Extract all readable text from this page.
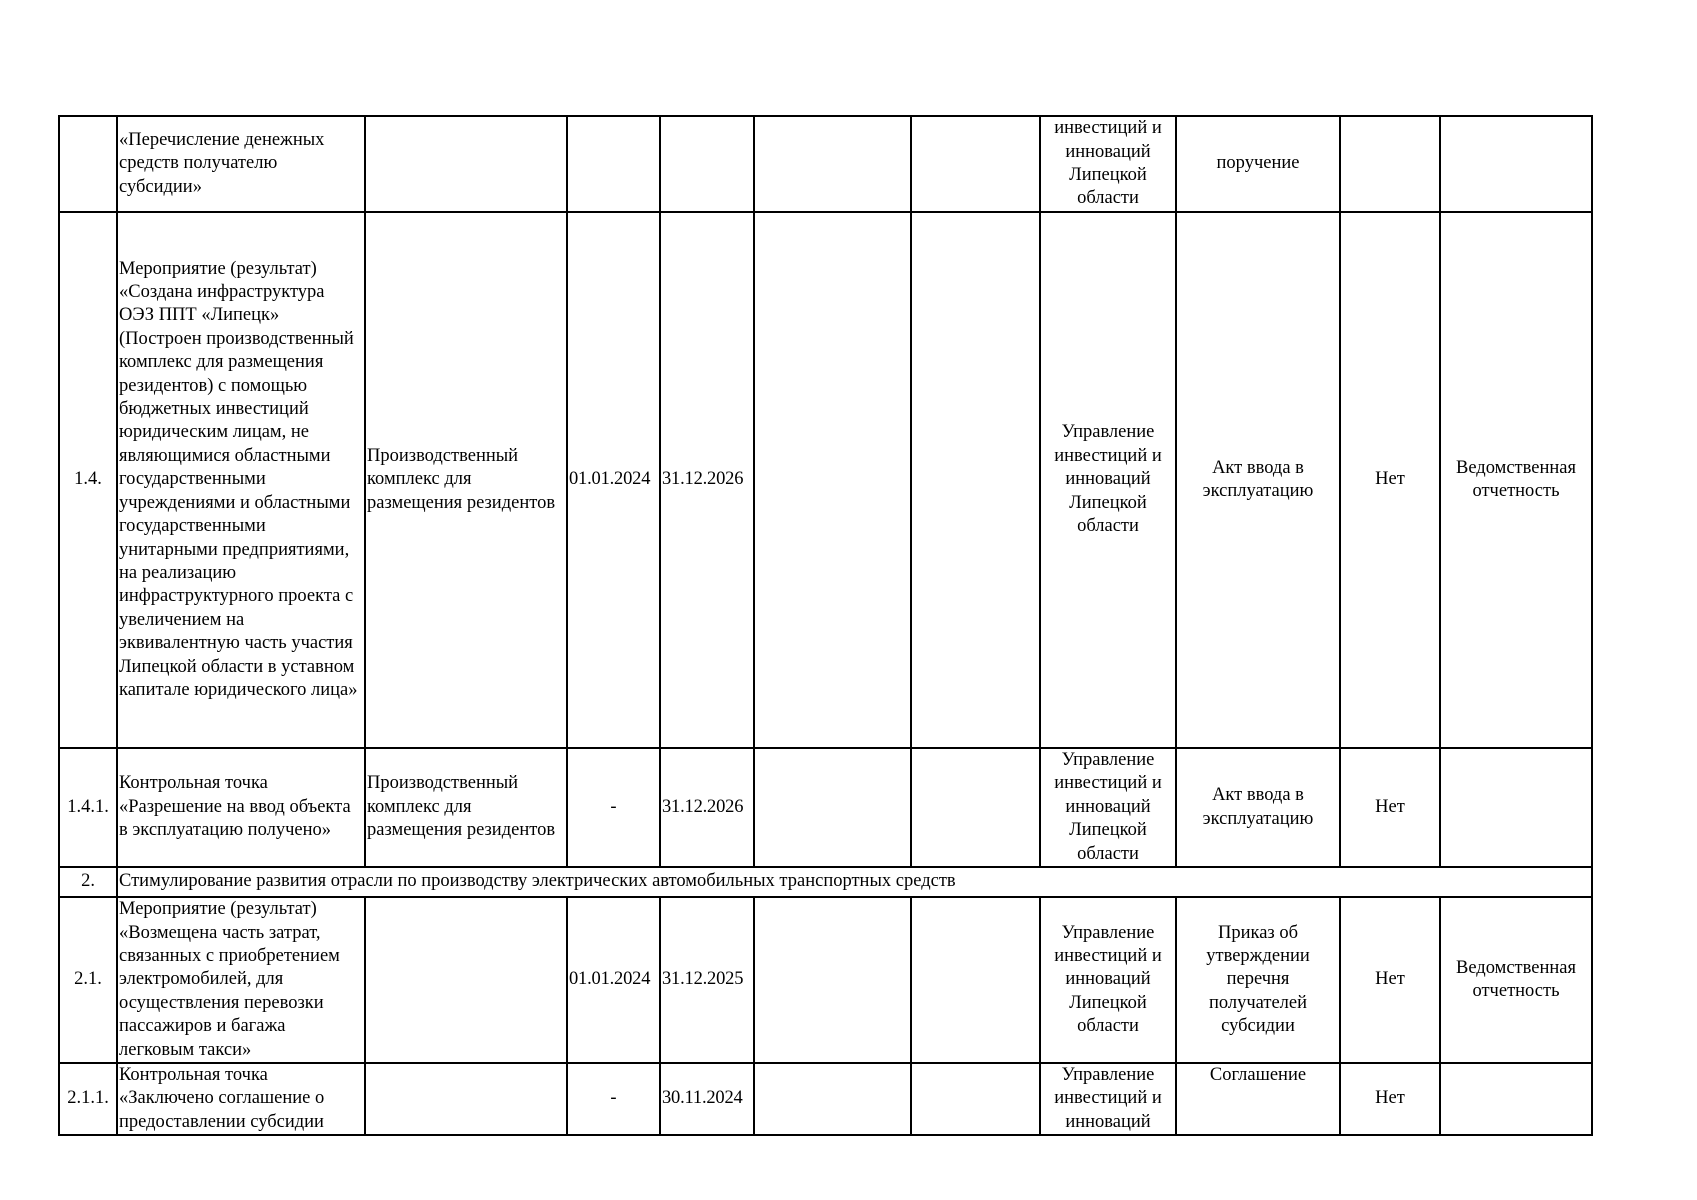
	«Перечисление денежных средств получателю субсидии»						инвестиций и инноваций Липецкой области	поручение		
1.4.	Мероприятие (результат) «Создана инфраструктура ОЭЗ ППТ «Липецк» (Построен производственный комплекс для размещения резидентов) с помощью бюджетных инвестиций юридическим лицам, не являющимися областными государственными учреждениями и областными государственными унитарными предприятиями, на реализацию инфраструктурного проекта с увеличением на эквивалентную часть участия Липецкой области в уставном капитале юридического лица»	Производственный комплекс для размещения резидентов	01.01.2024	31.12.2026			Управление инвестиций и инноваций Липецкой области	Акт ввода в эксплуатацию	Нет	Ведомственная отчетность
1.4.1.	Контрольная точка «Разрешение на ввод объекта в эксплуатацию получено»	Производственный комплекс для размещения резидентов	-	31.12.2026			Управление инвестиций и инноваций Липецкой области	Акт ввода в эксплуатацию	Нет	
2.	Стимулирование развития отрасли по производству электрических автомобильных транспортных средств									
2.1.	Мероприятие (результат) «Возмещена часть затрат, связанных с приобретением электромобилей, для осуществления перевозки пассажиров и багажа легковым такси»		01.01.2024	31.12.2025			Управление инвестиций и инноваций Липецкой области	Приказ об утверждении перечня получателей субсидии	Нет	Ведомственная отчетность
2.1.1.	Контрольная точка «Заключено соглашение о предоставлении субсидии		-	30.11.2024			Управление инвестиций и инноваций	Соглашение	Нет	
